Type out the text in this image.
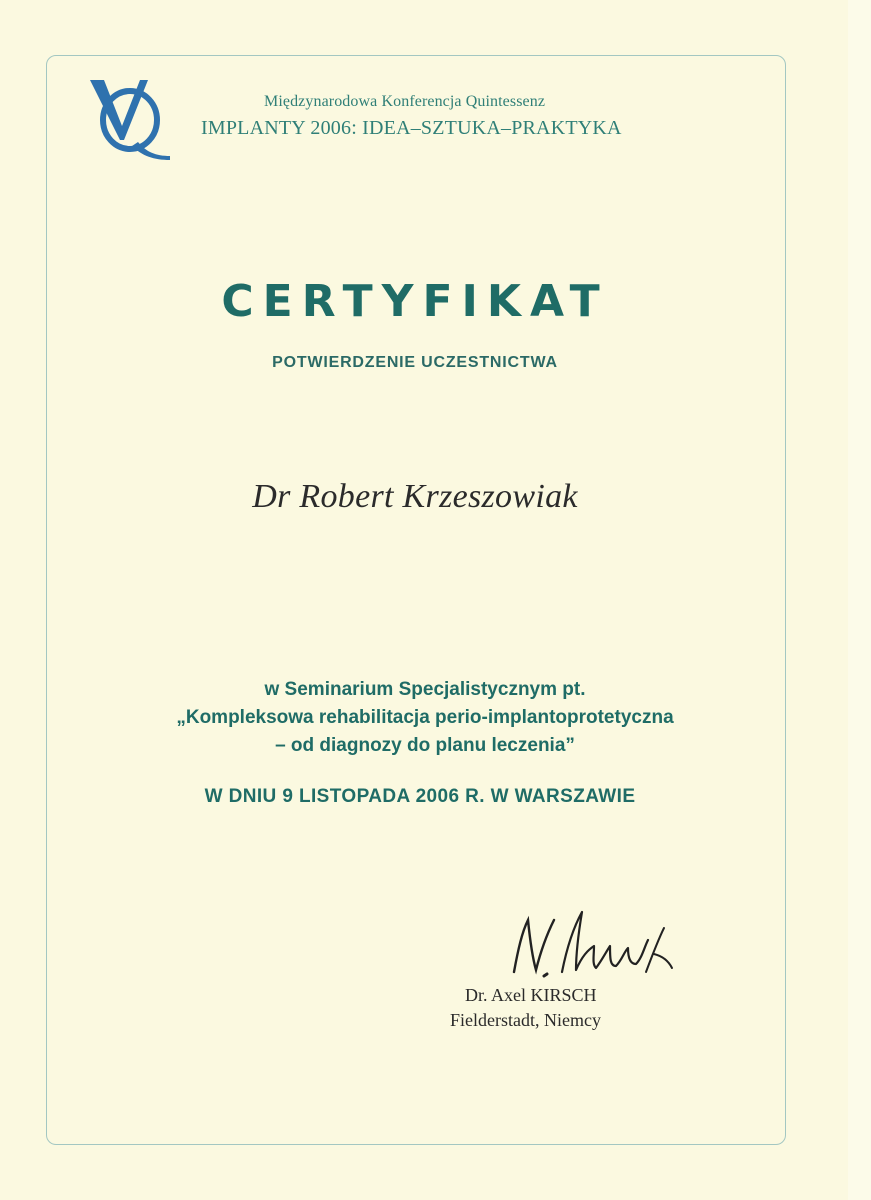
Międzynarodowa Konferencja Quintessenz
IMPLANTY 2006: IDEA–SZTUKA–PRAKTYKA
CERTYFIKAT
POTWIERDZENIE UCZESTNICTWA
Dr Robert Krzeszowiak
w Seminarium Specjalistycznym pt.
„Kompleksowa rehabilitacja perio-implantoprotetyczna
– od diagnozy do planu leczenia”
W DNIU 9 LISTOPADA 2006 R. W WARSZAWIE
Dr. Axel KIRSCH
Fielderstadt, Niemcy
